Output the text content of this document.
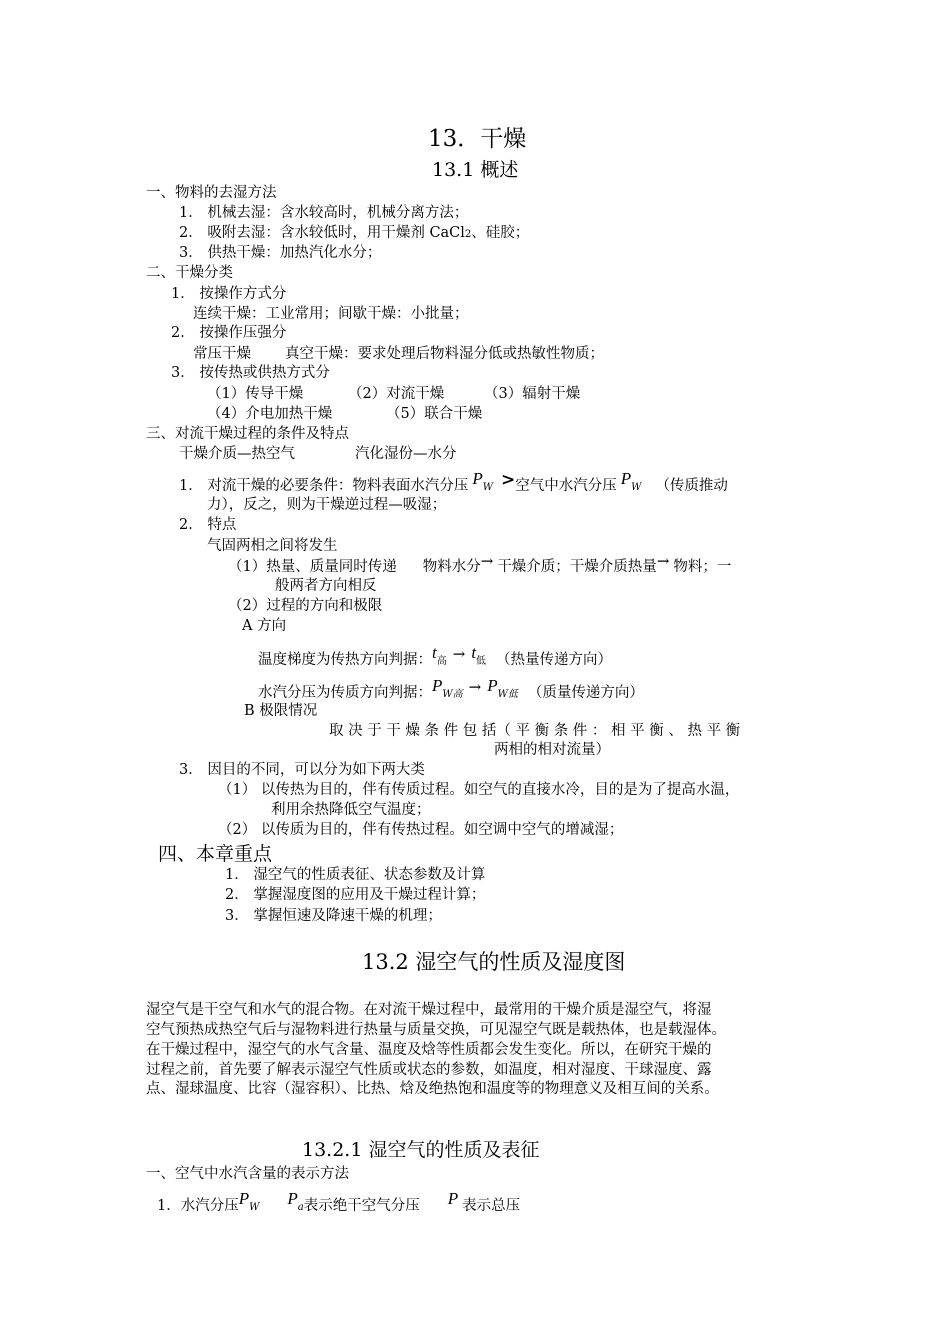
13．干燥
13.1 概述
一、物料的去湿方法
1． 机械去湿：含水较高时，机械分离方法；
2． 吸附去湿：含水较低时，用干燥剂 CaCl2、硅胶；
3． 供热干燥：加热汽化水分；
二、干燥分类
1． 按操作方式分
连续干燥：工业常用；间歇干燥：小批量；
2． 按操作压强分
常压干燥 真空干燥：要求处理后物料湿分低或热敏性物质；
3． 按传热或供热方式分
（1）传导干燥	（2）对流干燥	（3）辐射干燥
（4）介电加热干燥	（5）联合干燥
三、对流干燥过程的条件及特点
干燥介质—热空气	汽化湿份—水分
1． 对流干燥的必要条件：物料表面水汽分压 PW >空气中水汽分压 PW （传质推动
力），反之，则为干燥逆过程—吸湿；
2． 特点
气固两相之间将发生
（1）热量、质量同时传递 物料水分→ 干燥介质；干燥介质热量→ 物料；一
般两者方向相反
（2）过程的方向和极限
A 方向
温度梯度为传热方向判据：t高 → t低 （热量传递方向）
水汽分压为传质方向判据：PW高 → PW低 （质量传递方向）
B 极限情况
取 决 于 干 燥 条 件 包 括（ 平 衡 条 件 ： 相 平 衡 、 热 平 衡
两相的相对流量）
3． 因目的不同，可以分为如下两大类
（1） 以传热为目的，伴有传质过程。如空气的直接水冷，目的是为了提高水温，
利用余热降低空气温度；
（2） 以传质为目的，伴有传热过程。如空调中空气的增减湿；
四、本章重点
1． 湿空气的性质表征、状态参数及计算
2． 掌握湿度图的应用及干燥过程计算；
3． 掌握恒速及降速干燥的机理；
13.2 湿空气的性质及湿度图
湿空气是干空气和水气的混合物。在对流干燥过程中，最常用的干燥介质是湿空气，将湿
空气预热成热空气后与湿物料进行热量与质量交换，可见湿空气既是载热体，也是载湿体。
在干燥过程中，湿空气的水气含量、温度及焓等性质都会发生变化。所以，在研究干燥的
过程之前，首先要了解表示湿空气性质或状态的参数，如温度，相对湿度、干球湿度、露
点、湿球温度、比容（湿容积）、比热、焓及绝热饱和温度等的物理意义及相互间的关系。
13.2.1 湿空气的性质及表征
一、空气中水汽含量的表示方法
1．水汽分压PW Pa表示绝干空气分压 P 表示总压
